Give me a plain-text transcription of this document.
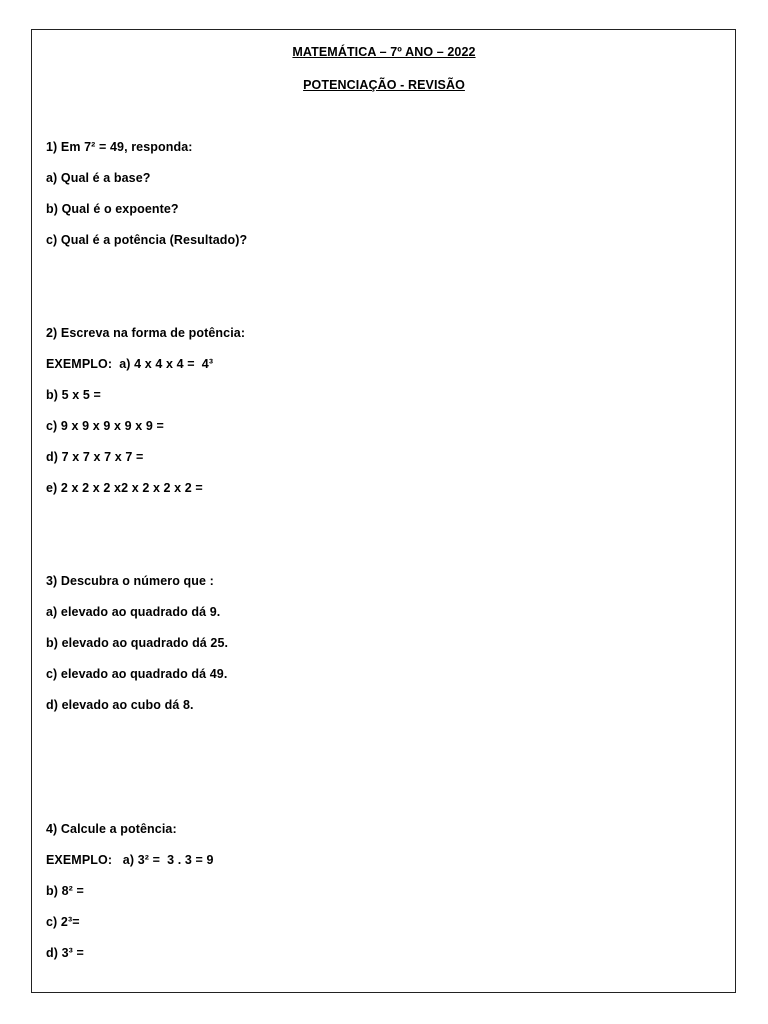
MATEMÁTICA – 7º ANO – 2022
POTENCIAÇÃO - REVISÃO
1) Em 7² = 49, responda:
a) Qual é a base?
b) Qual é o expoente?
c) Qual é a potência (Resultado)?
2) Escreva na forma de potência:
EXEMPLO:  a) 4 x 4 x 4 =  4³
b) 5 x 5 =
c) 9 x 9 x 9 x 9 x 9 =
d) 7 x 7 x 7 x 7 =
e) 2 x 2 x 2 x2 x 2 x 2 x 2 =
3) Descubra o número que :
a) elevado ao quadrado dá 9.
b) elevado ao quadrado dá 25.
c) elevado ao quadrado dá 49.
d) elevado ao cubo dá 8.
4) Calcule a potência:
EXEMPLO:   a) 3² =  3 . 3 = 9
b) 8² =
c) 2³=
d) 3³ =
